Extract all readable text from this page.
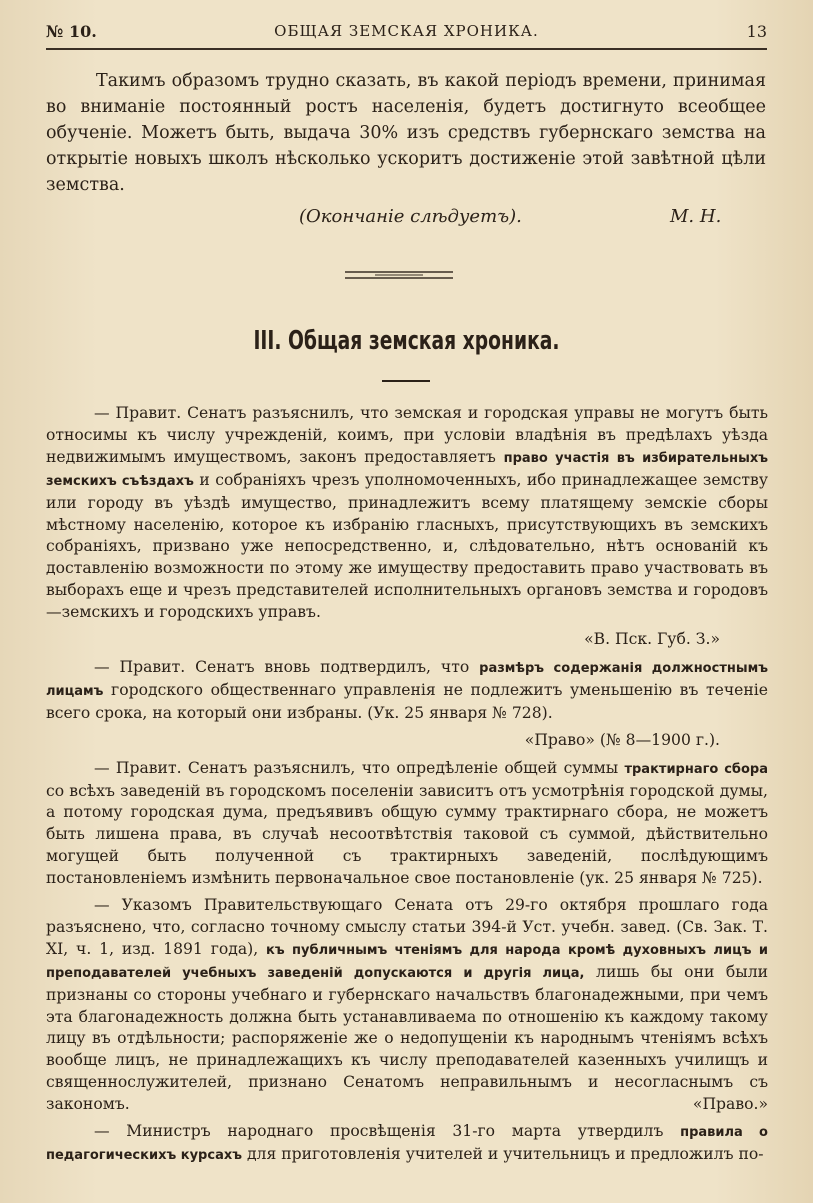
№ 10.	ОБЩАЯ ЗЕМСКАЯ ХРОНИКА.	13

Такимъ образомъ трудно сказать, въ какой періодъ времени, принимая во вниманіе постоянный ростъ населенія, будетъ достигнуто всеобщее обученіе. Можетъ быть, выдача 30% изъ средствъ губернскаго земства на открытіе новыхъ школъ нѣсколько ускоритъ достиженіе этой завѣтной цѣли земства.

(Окончаніе слѣдуетъ).	М. Н.
III. Общая земская хроника.

— Правит. Сенатъ разъяснилъ, что земская и городская управы не могутъ быть относимы къ числу учрежденій, коимъ, при условіи владѣнія въ предѣлахъ уѣзда недвижимымъ имуществомъ, законъ предоставляетъ право участія въ избирательныхъ земскихъ съѣздахъ и собраніяхъ чрезъ уполномоченныхъ, ибо принадлежащее земству или городу въ уѣздѣ имущество, принадлежитъ всему платящему земскіе сборы мѣстному населенію, которое къ избранію гласныхъ, присутствующихъ въ земскихъ собраніяхъ, призвано уже непосредственно, и, слѣдовательно, нѣтъ основаній къ доставленію возможности по этому же имуществу предоставить право участвовать въ выборахъ еще и чрезъ представителей исполнительныхъ органовъ земства и городовъ—земскихъ и городскихъ управъ.

«В. Пск. Губ. З.»

— Правит. Сенатъ вновь подтвердилъ, что размѣръ содержанія должностнымъ лицамъ городского общественнаго управленія не подлежитъ уменьшенію въ теченіе всего срока, на который они избраны. (Ук. 25 января № 728).

«Право» (№ 8—1900 г.).

— Правит. Сенатъ разъяснилъ, что опредѣленіе общей суммы трактирнаго сбора со всѣхъ заведеній въ городскомъ поселеніи зависитъ отъ усмотрѣнія городской думы, а потому городская дума, предъявивъ общую сумму трактирнаго сбора, не можетъ быть лишена права, въ случаѣ несоотвѣтствія таковой съ суммой, дѣйствительно могущей быть полученной съ трактирныхъ заведеній, послѣдующимъ постановленіемъ измѣнить первоначальное свое постановленіе (ук. 25 января № 725).

— Указомъ Правительствующаго Сената отъ 29-го октября прошлаго года разъяснено, что, согласно точному смыслу статьи 394-й Уст. учебн. завед. (Св. Зак. Т. XI, ч. 1, изд. 1891 года), къ публичнымъ чтеніямъ для народа кромѣ духовныхъ лицъ и преподавателей учебныхъ заведеній допускаются и другія лица, лишь бы они были признаны со стороны учебнаго и губернскаго начальствъ благонадежными, при чемъ эта благонадежность должна быть устанавливаема по отношенію къ каждому такому лицу въ отдѣльности; распоряженіе же о недопущеніи къ народнымъ чтеніямъ всѣхъ вообще лицъ, не принадлежащихъ къ числу преподавателей казенныхъ училищъ и священнослужителей, признано Сенатомъ неправильнымъ и несогласнымъ съ закономъ.	«Право.»

— Министръ народнаго просвѣщенія 31-го марта утвердилъ правила о педагогическихъ курсахъ для приготовленія учителей и учительницъ и предложилъ по-
